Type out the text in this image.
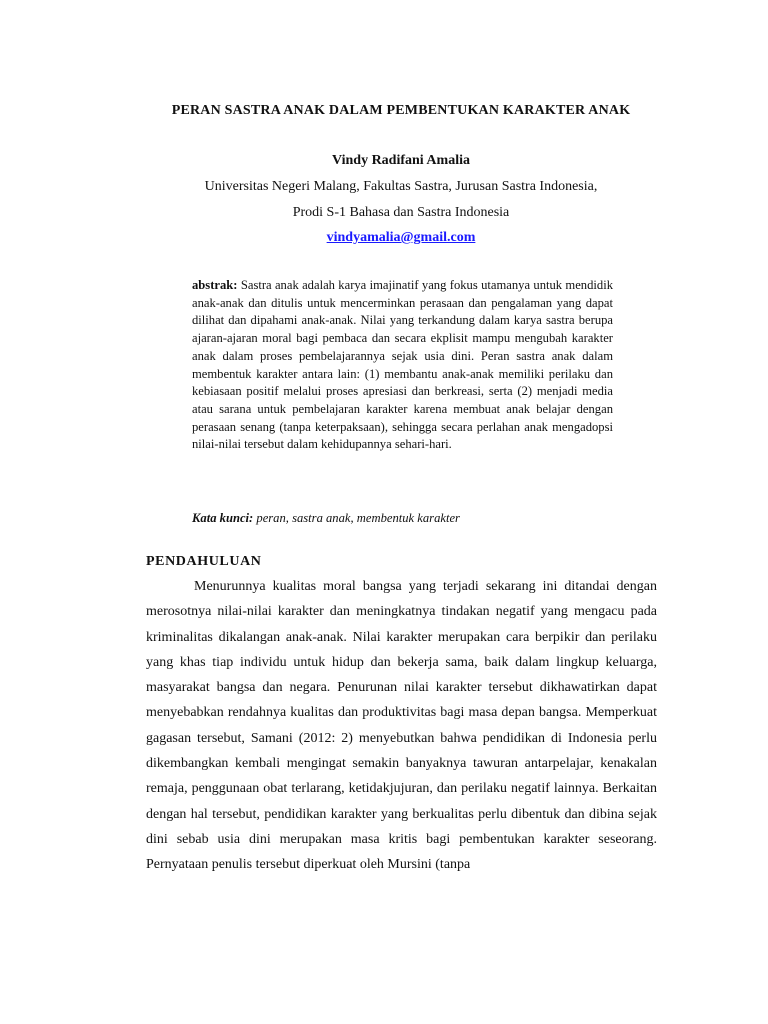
PERAN SASTRA ANAK DALAM PEMBENTUKAN KARAKTER ANAK
Vindy Radifani Amalia
Universitas Negeri Malang, Fakultas Sastra, Jurusan Sastra Indonesia,
Prodi S-1 Bahasa dan Sastra Indonesia
vindyamalia@gmail.com
abstrak: Sastra anak adalah karya imajinatif yang fokus utamanya untuk mendidik anak-anak dan ditulis untuk mencerminkan perasaan dan pengalaman yang dapat dilihat dan dipahami anak-anak. Nilai yang terkandung dalam karya sastra berupa ajaran-ajaran moral bagi pembaca dan secara ekplisit mampu mengubah karakter anak dalam proses pembelajarannya sejak usia dini. Peran sastra anak dalam membentuk karakter antara lain: (1) membantu anak-anak memiliki perilaku dan kebiasaan positif melalui proses apresiasi dan berkreasi, serta (2) menjadi media atau sarana untuk pembelajaran karakter karena membuat anak belajar dengan perasaan senang (tanpa keterpaksaan), sehingga secara perlahan anak mengadopsi nilai-nilai tersebut dalam kehidupannya sehari-hari.
Kata kunci: peran, sastra anak, membentuk karakter
PENDAHULUAN
Menurunnya kualitas moral bangsa yang terjadi sekarang ini ditandai dengan merosotnya nilai-nilai karakter dan meningkatnya tindakan negatif yang mengacu pada kriminalitas dikalangan anak-anak. Nilai karakter merupakan cara berpikir dan perilaku yang khas tiap individu untuk hidup dan bekerja sama, baik dalam lingkup keluarga, masyarakat bangsa dan negara. Penurunan nilai karakter tersebut dikhawatirkan dapat menyebabkan rendahnya kualitas dan produktivitas bagi masa depan bangsa. Memperkuat gagasan tersebut, Samani (2012: 2) menyebutkan bahwa pendidikan di Indonesia perlu dikembangkan kembali mengingat semakin banyaknya tawuran antarpelajar, kenakalan remaja, penggunaan obat terlarang, ketidakjujuran, dan perilaku negatif lainnya. Berkaitan dengan hal tersebut, pendidikan karakter yang berkualitas perlu dibentuk dan dibina sejak dini sebab usia dini merupakan masa kritis bagi pembentukan karakter seseorang. Pernyataan penulis tersebut diperkuat oleh Mursini (tanpa
